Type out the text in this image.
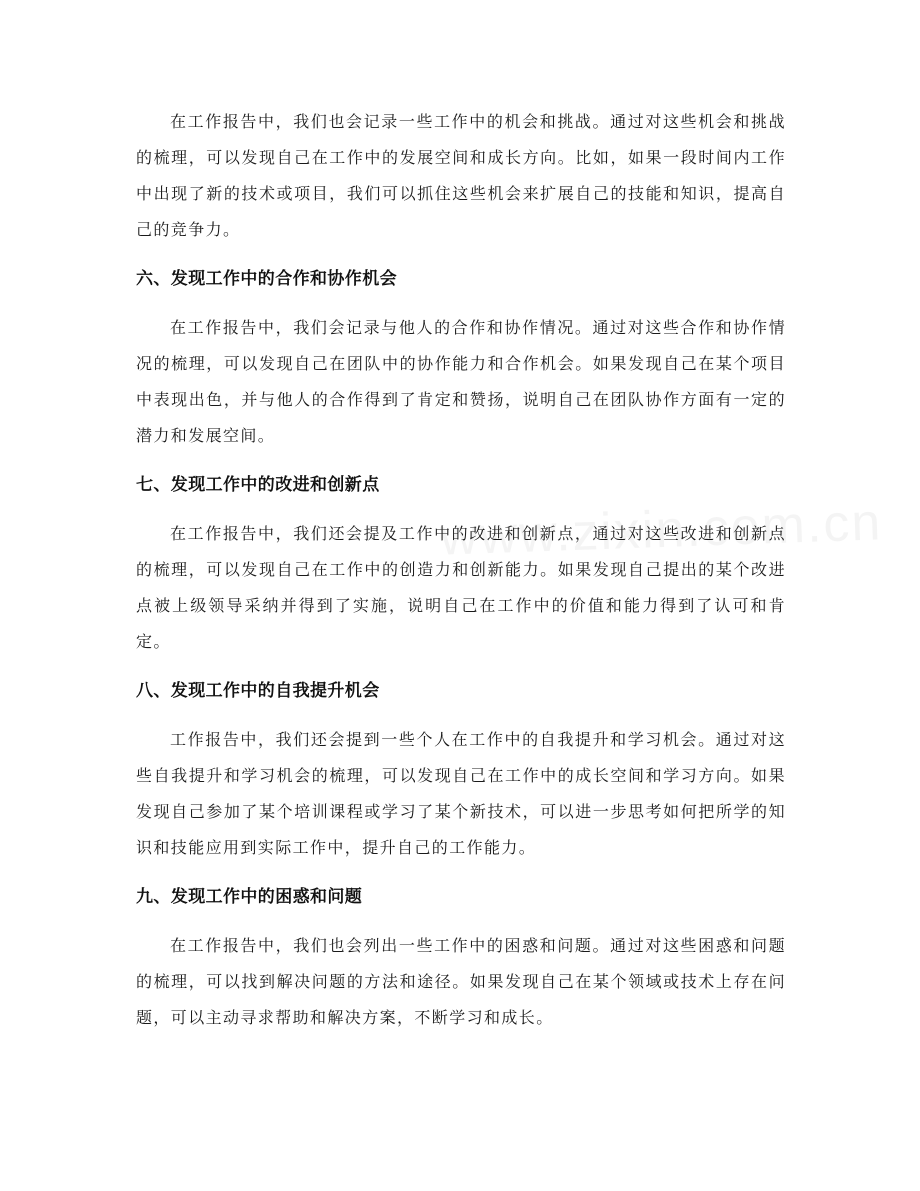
在工作报告中，我们也会记录一些工作中的机会和挑战。通过对这些机会和挑战的梳理，可以发现自己在工作中的发展空间和成长方向。比如，如果一段时间内工作中出现了新的技术或项目，我们可以抓住这些机会来扩展自己的技能和知识，提高自己的竞争力。

六、发现工作中的合作和协作机会

在工作报告中，我们会记录与他人的合作和协作情况。通过对这些合作和协作情况的梳理，可以发现自己在团队中的协作能力和合作机会。如果发现自己在某个项目中表现出色，并与他人的合作得到了肯定和赞扬，说明自己在团队协作方面有一定的潜力和发展空间。

七、发现工作中的改进和创新点

在工作报告中，我们还会提及工作中的改进和创新点，通过对这些改进和创新点的梳理，可以发现自己在工作中的创造力和创新能力。如果发现自己提出的某个改进点被上级领导采纳并得到了实施，说明自己在工作中的价值和能力得到了认可和肯定。

八、发现工作中的自我提升机会

工作报告中，我们还会提到一些个人在工作中的自我提升和学习机会。通过对这些自我提升和学习机会的梳理，可以发现自己在工作中的成长空间和学习方向。如果发现自己参加了某个培训课程或学习了某个新技术，可以进一步思考如何把所学的知识和技能应用到实际工作中，提升自己的工作能力。

九、发现工作中的困惑和问题

在工作报告中，我们也会列出一些工作中的困惑和问题。通过对这些困惑和问题的梳理，可以找到解决问题的方法和途径。如果发现自己在某个领域或技术上存在问题，可以主动寻求帮助和解决方案，不断学习和成长。
